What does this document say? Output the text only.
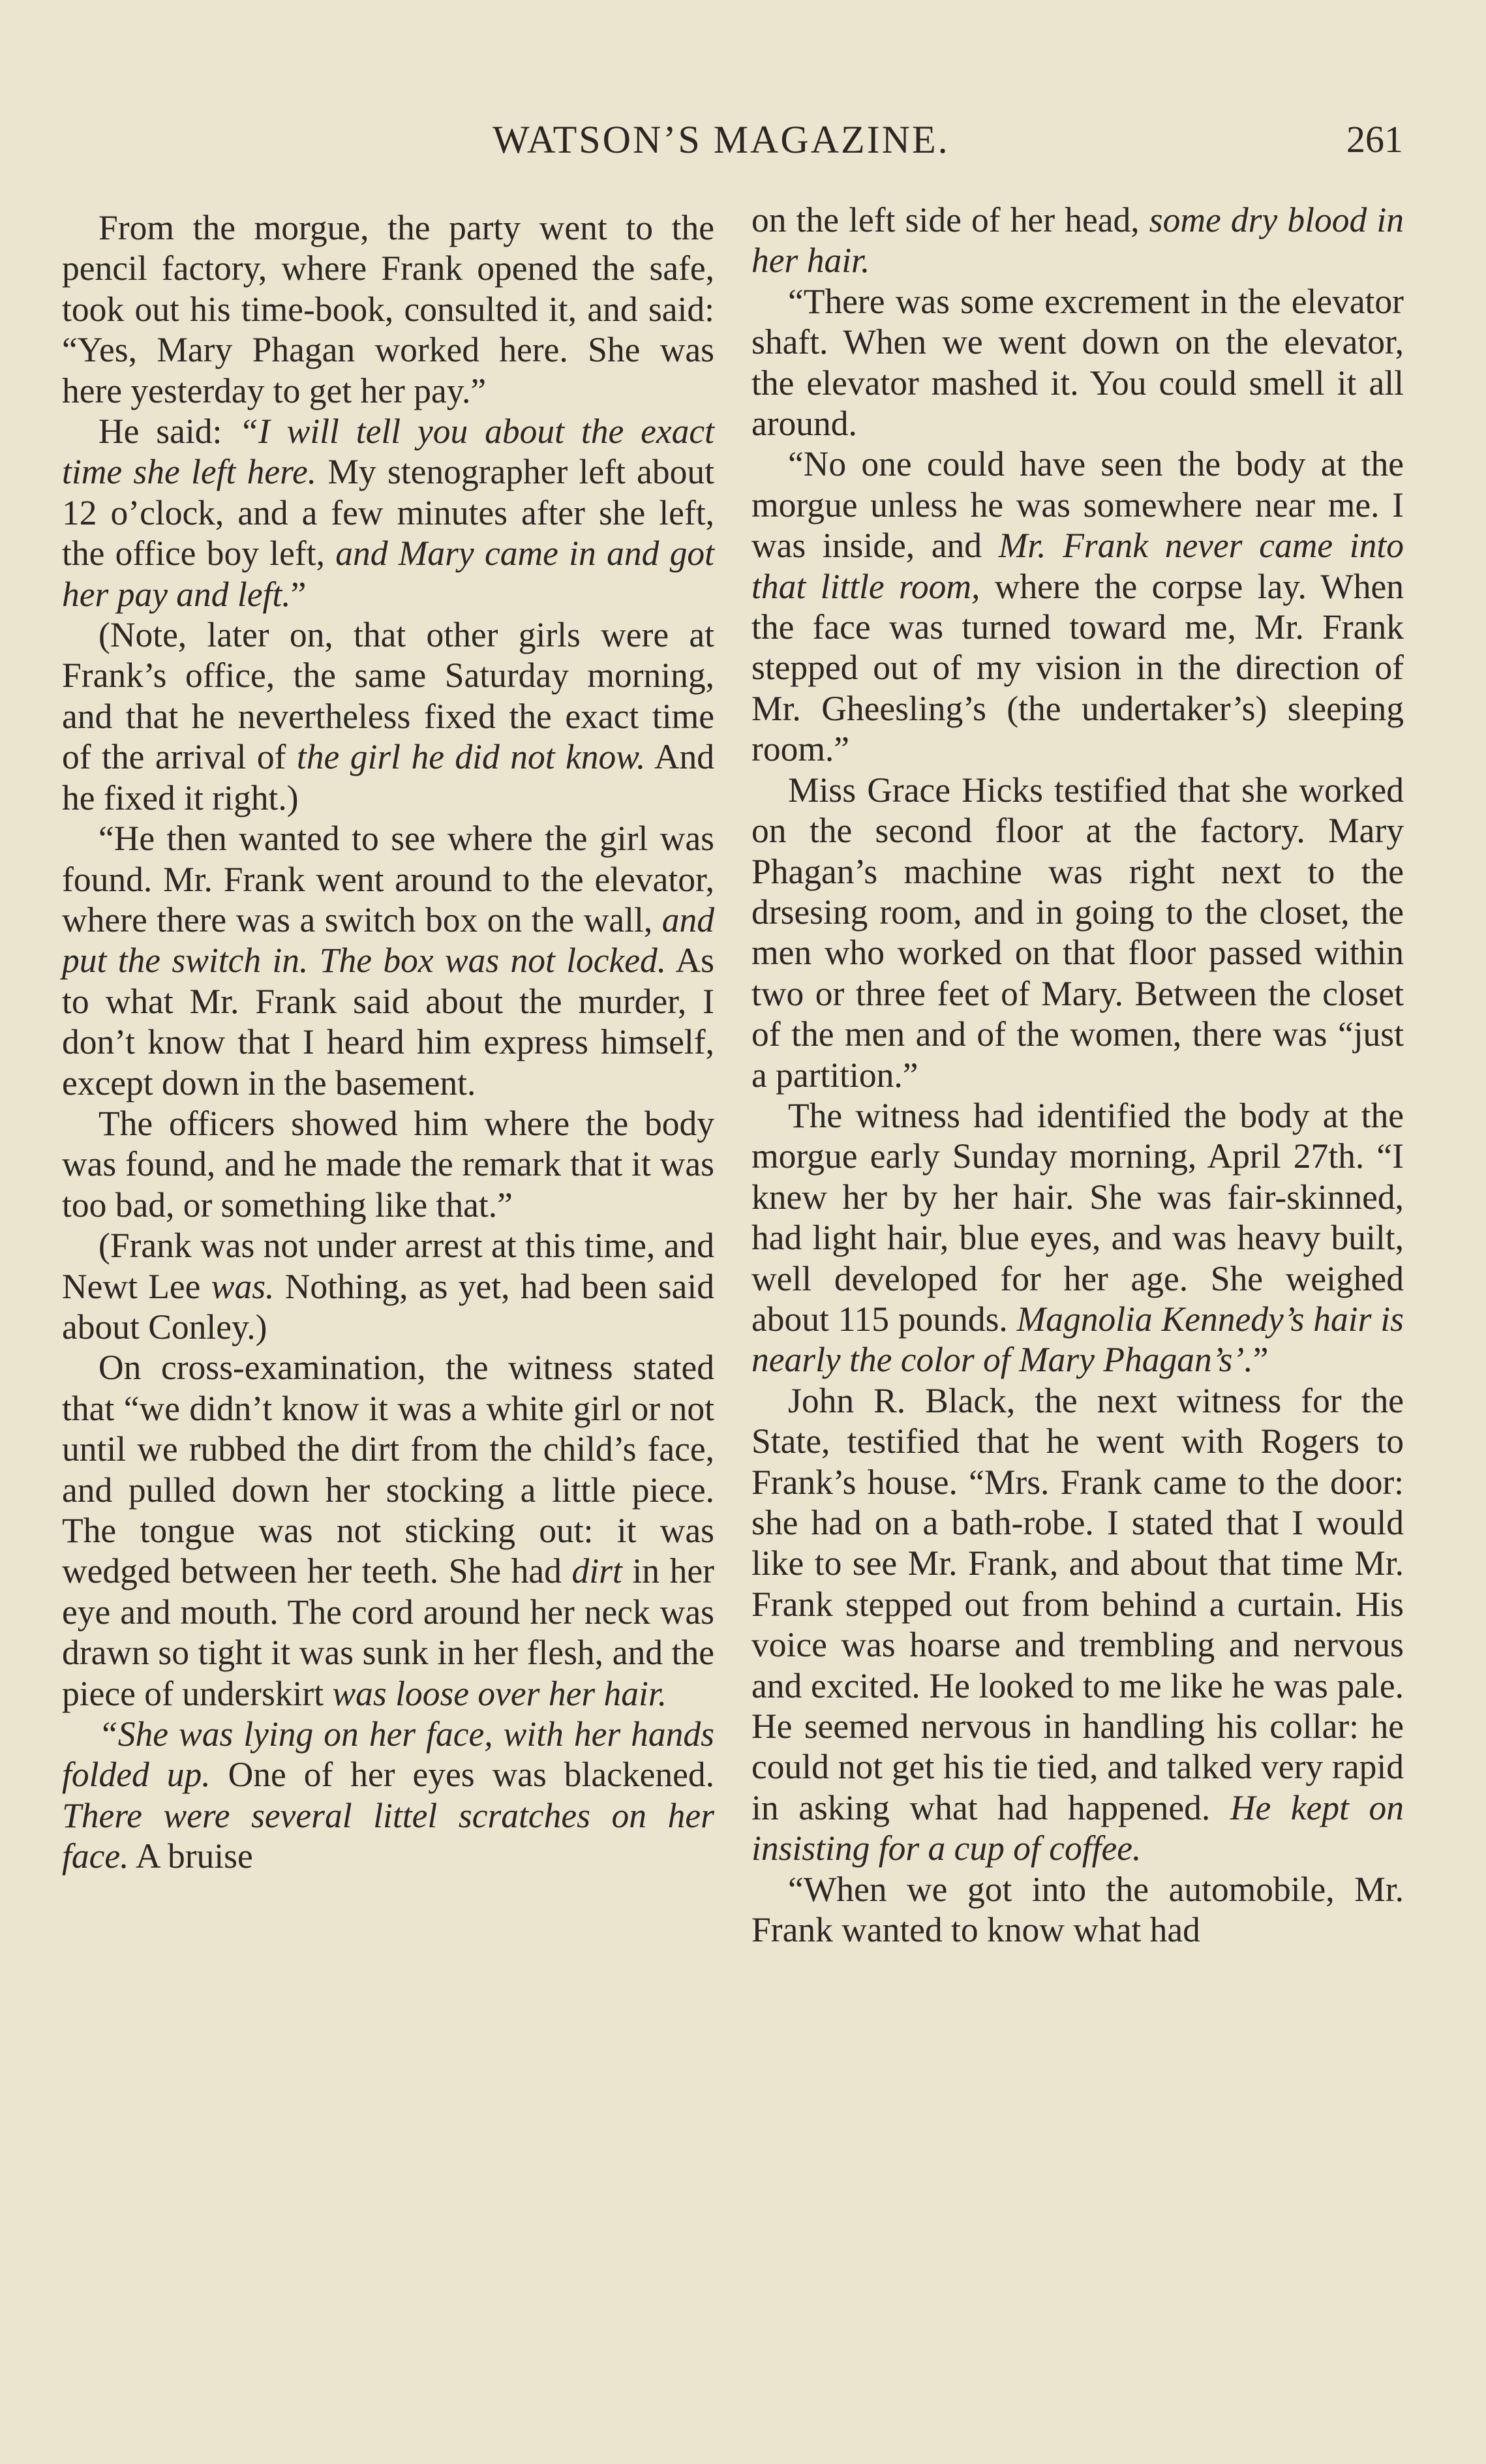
WATSON’S MAGAZINE.	261

From the morgue, the party went to the pencil factory, where Frank opened the safe, took out his time-book, consulted it, and said: “Yes, Mary Phagan worked here. She was here yesterday to get her pay.”

He said: “I will tell you about the exact time she left here. My stenographer left about 12 o’clock, and a few minutes after she left, the office boy left, and Mary came in and got her pay and left.”

(Note, later on, that other girls were at Frank’s office, the same Saturday morning, and that he nevertheless fixed the exact time of the arrival of the girl he did not know. And he fixed it right.)

“He then wanted to see where the girl was found. Mr. Frank went around to the elevator, where there was a switch box on the wall, and put the switch in. The box was not locked. As to what Mr. Frank said about the murder, I don’t know that I heard him express himself, except down in the basement.

The officers showed him where the body was found, and he made the remark that it was too bad, or something like that.”

(Frank was not under arrest at this time, and Newt Lee was. Nothing, as yet, had been said about Conley.)

On cross-examination, the witness stated that “we didn’t know it was a white girl or not until we rubbed the dirt from the child’s face, and pulled down her stocking a little piece. The tongue was not sticking out: it was wedged between her teeth. She had dirt in her eye and mouth. The cord around her neck was drawn so tight it was sunk in her flesh, and the piece of underskirt was loose over her hair.

“She was lying on her face, with her hands folded up. One of her eyes was blackened. There were several littel scratches on her face. A bruise

on the left side of her head, some dry blood in her hair.

“There was some excrement in the elevator shaft. When we went down on the elevator, the elevator mashed it. You could smell it all around.

“No one could have seen the body at the morgue unless he was somewhere near me. I was inside, and Mr. Frank never came into that little room, where the corpse lay. When the face was turned toward me, Mr. Frank stepped out of my vision in the direction of Mr. Gheesling’s (the undertaker’s) sleeping room.”

Miss Grace Hicks testified that she worked on the second floor at the factory. Mary Phagan’s machine was right next to the drsesing room, and in going to the closet, the men who worked on that floor passed within two or three feet of Mary. Between the closet of the men and of the women, there was “just a partition.”

The witness had identified the body at the morgue early Sunday morning, April 27th. “I knew her by her hair. She was fair-skinned, had light hair, blue eyes, and was heavy built, well developed for her age. She weighed about 115 pounds. Magnolia Kennedy’s hair is nearly the color of Mary Phagan’s’.”

John R. Black, the next witness for the State, testified that he went with Rogers to Frank’s house. “Mrs. Frank came to the door: she had on a bath-robe. I stated that I would like to see Mr. Frank, and about that time Mr. Frank stepped out from behind a curtain. His voice was hoarse and trembling and nervous and excited. He looked to me like he was pale. He seemed nervous in handling his collar: he could not get his tie tied, and talked very rapid in asking what had happened. He kept on insisting for a cup of coffee.

“When we got into the automobile, Mr. Frank wanted to know what had
